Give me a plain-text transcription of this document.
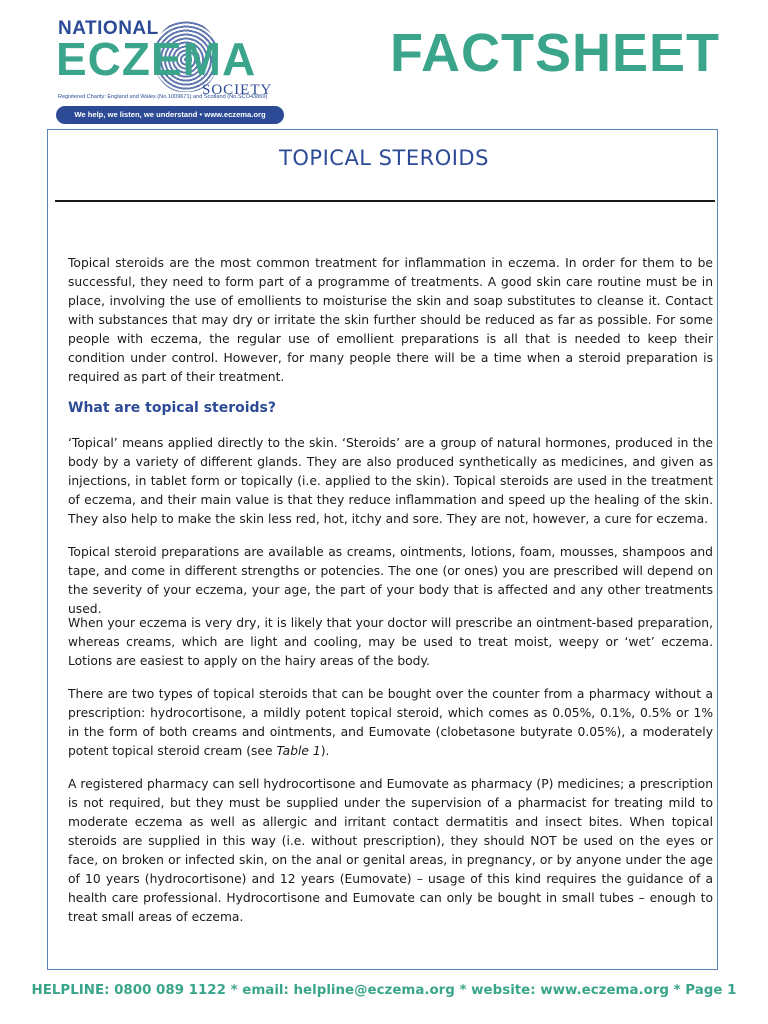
NATIONAL
ECZEMA
SOCIETY
Registered Charity: England and Wales (No.1009671) and Scotland (No.SCO43869)
We help, we listen, we understand • www.eczema.org
FACTSHEET
TOPICAL STEROIDS

Topical steroids are the most common treatment for inflammation in eczema. In order for them to be successful, they need to form part of a programme of treatments. A good skin care routine must be in place, involving the use of emollients to moisturise the skin and soap substitutes to cleanse it. Contact with substances that may dry or irritate the skin further should be reduced as far as possible. For some people with eczema, the regular use of emollient preparations is all that is needed to keep their condition under control. However, for many people there will be a time when a steroid preparation is required as part of their treatment.

What are topical steroids?

‘Topical’ means applied directly to the skin. ‘Steroids’ are a group of natural hormones, produced in the body by a variety of different glands. They are also produced synthetically as medicines, and given as injections, in tablet form or topically (i.e. applied to the skin). Topical steroids are used in the treatment of eczema, and their main value is that they reduce inflammation and speed up the healing of the skin. They also help to make the skin less red, hot, itchy and sore. They are not, however, a cure for eczema.

Topical steroid preparations are available as creams, ointments, lotions, foam, mousses, shampoos and tape, and come in different strengths or potencies. The one (or ones) you are prescribed will depend on the severity of your eczema, your age, the part of your body that is affected and any other treatments used.

When your eczema is very dry, it is likely that your doctor will prescribe an ointment-based preparation, whereas creams, which are light and cooling, may be used to treat moist, weepy or ‘wet’ eczema. Lotions are easiest to apply on the hairy areas of the body.

There are two types of topical steroids that can be bought over the counter from a pharmacy without a prescription: hydrocortisone, a mildly potent topical steroid, which comes as 0.05%, 0.1%, 0.5% or 1% in the form of both creams and ointments, and Eumovate (clobetasone butyrate 0.05%), a moderately potent topical steroid cream (see Table 1).

A registered pharmacy can sell hydrocortisone and Eumovate as pharmacy (P) medicines; a prescription is not required, but they must be supplied under the supervision of a pharmacist for treating mild to moderate eczema as well as allergic and irritant contact dermatitis and insect bites. When topical steroids are supplied in this way (i.e. without prescription), they should NOT be used on the eyes or face, on broken or infected skin, on the anal or genital areas, in pregnancy, or by anyone under the age of 10 years (hydrocortisone) and 12 years (Eumovate) – usage of this kind requires the guidance of a health care professional. Hydrocortisone and Eumovate can only be bought in small tubes – enough to treat small areas of eczema.

HELPLINE: 0800 089 1122 * email: helpline@eczema.org * website: www.eczema.org * Page 1
